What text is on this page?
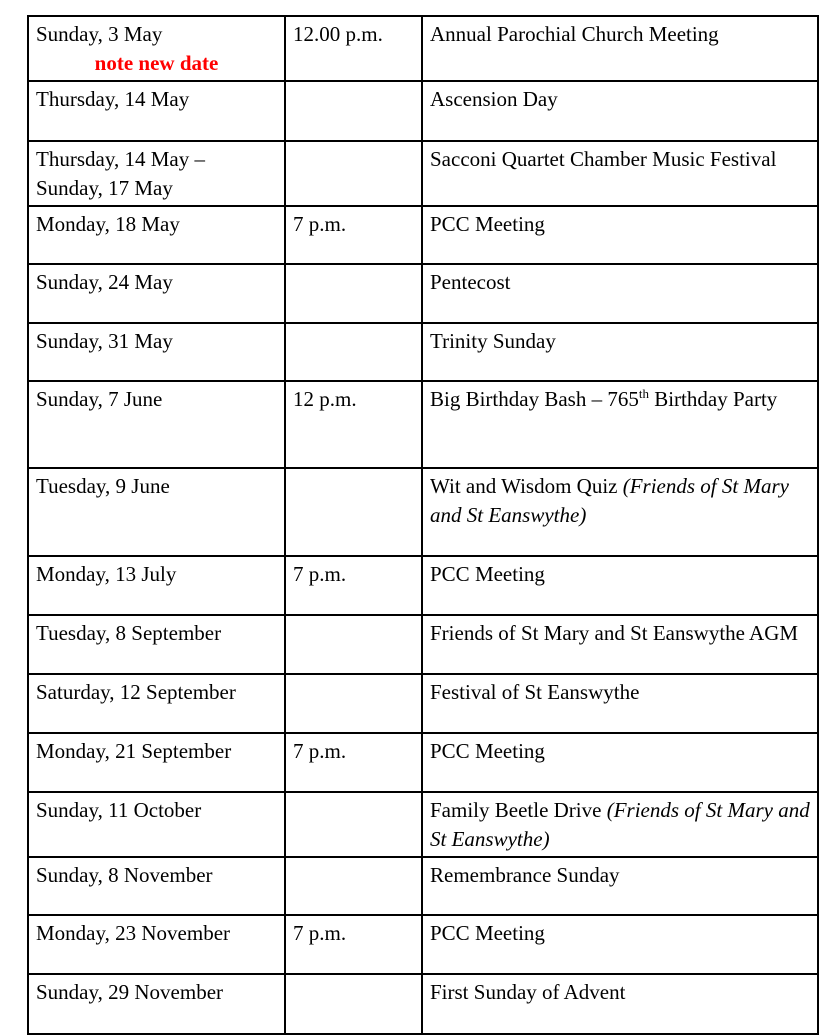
Sunday, 3 May
note new date	12.00 p.m.	Annual Parochial Church Meeting
Thursday, 14 May		Ascension Day
Thursday, 14 May –
Sunday, 17 May		Sacconi Quartet Chamber Music Festival
Monday, 18 May	7 p.m.	PCC Meeting
Sunday, 24 May		Pentecost
Sunday, 31 May		Trinity Sunday
Sunday, 7 June	12 p.m.	Big Birthday Bash – 765th Birthday Party
Tuesday, 9 June		Wit and Wisdom Quiz (Friends of St Mary and St Eanswythe)
Monday, 13 July	7 p.m.	PCC Meeting
Tuesday, 8 September		Friends of St Mary and St Eanswythe AGM
Saturday, 12 September		Festival of St Eanswythe
Monday, 21 September	7 p.m.	PCC Meeting
Sunday, 11 October		Family Beetle Drive (Friends of St Mary and St Eanswythe)
Sunday, 8 November		Remembrance Sunday
Monday, 23 November	7 p.m.	PCC Meeting
Sunday, 29 November		First Sunday of Advent
